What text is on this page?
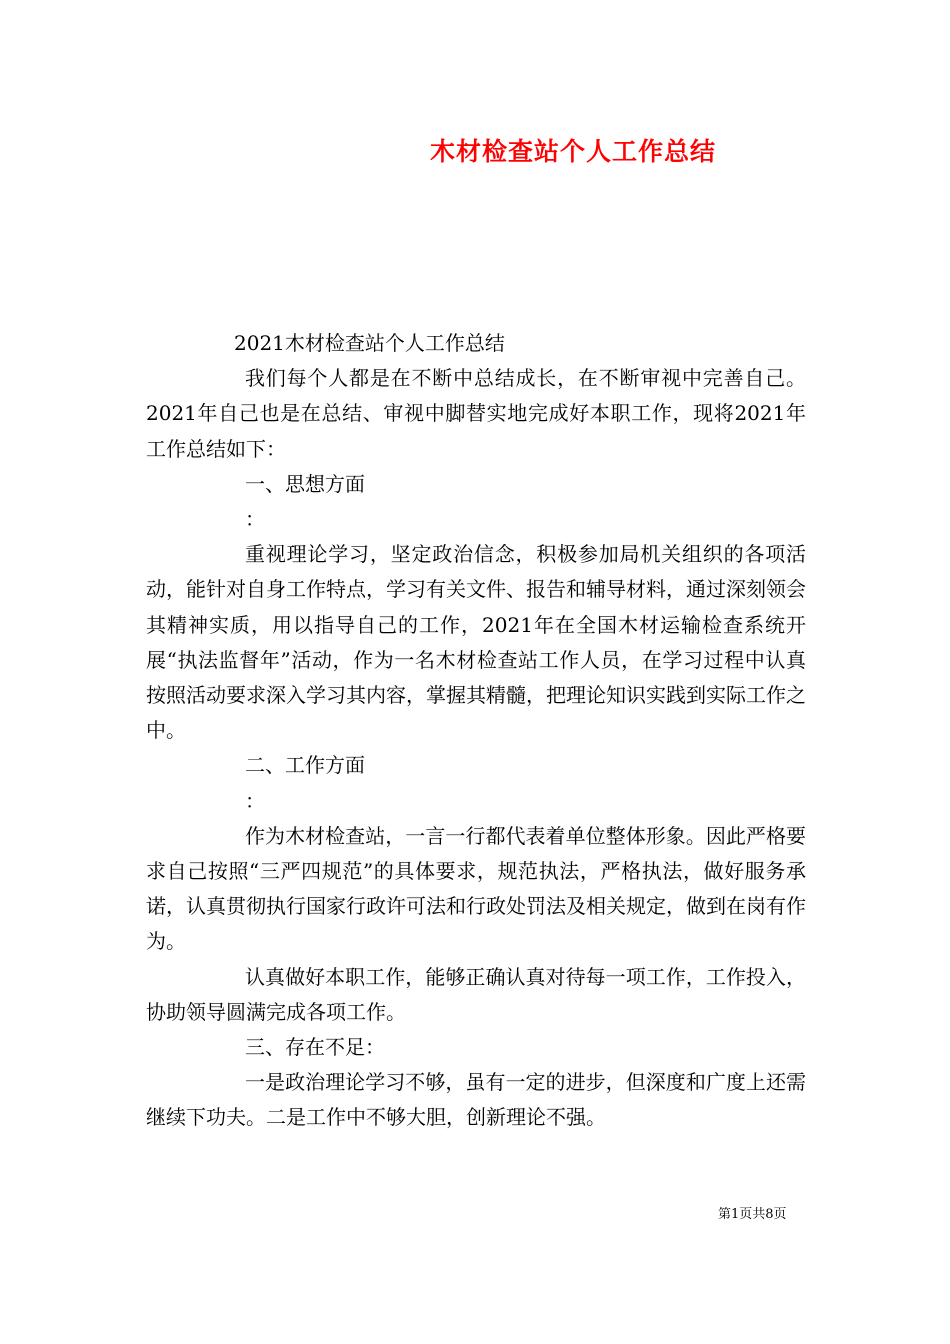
木材检查站个人工作总结

2021木材检查站个人工作总结

我们每个人都是在不断中总结成长，在不断审视中完善自己。2021年自己也是在总结、审视中脚替实地完成好本职工作，现将2021年工作总结如下：

一、思想方面

：

重视理论学习，坚定政治信念，积极参加局机关组织的各项活动，能针对自身工作特点，学习有关文件、报告和辅导材料，通过深刻领会其精神实质，用以指导自己的工作，2021年在全国木材运输检查系统开展“执法监督年”活动，作为一名木材检查站工作人员，在学习过程中认真按照活动要求深入学习其内容，掌握其精髓，把理论知识实践到实际工作之中。

二、工作方面

：

作为木材检查站，一言一行都代表着单位整体形象。因此严格要求自己按照“三严四规范”的具体要求，规范执法，严格执法，做好服务承诺，认真贯彻执行国家行政许可法和行政处罚法及相关规定，做到在岗有作为。

认真做好本职工作，能够正确认真对待每一项工作，工作投入，协助领导圆满完成各项工作。

三、存在不足：

一是政治理论学习不够，虽有一定的进步，但深度和广度上还需继续下功夫。二是工作中不够大胆，创新理论不强。

第1页共8页
